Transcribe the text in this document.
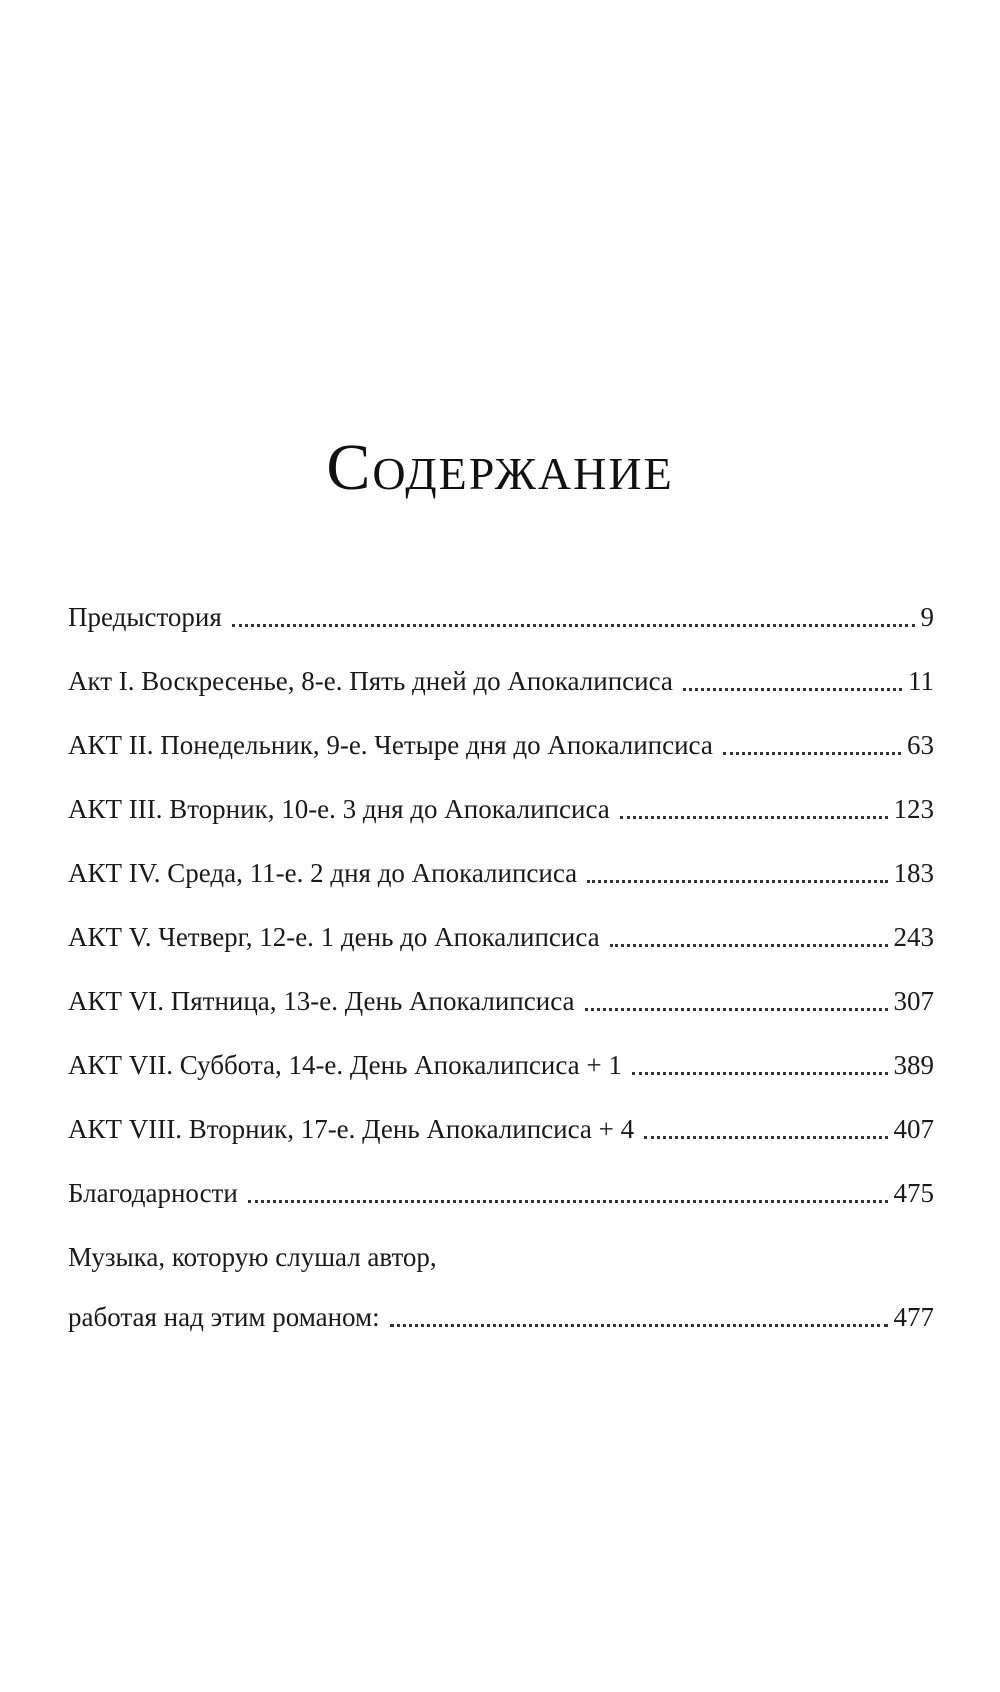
Содержание
Предыстория	9
Акт I. Воскресенье, 8-е. Пять дней до Апокалипсиса	11
АКТ II. Понедельник, 9-е. Четыре дня до Апокалипсиса	63
АКТ III. Вторник, 10-е. 3 дня до Апокалипсиса	123
АКТ IV. Среда, 11-е. 2 дня до Апокалипсиса	183
АКТ V. Четверг, 12-е. 1 день до Апокалипсиса	243
АКТ VI. Пятница, 13-е. День Апокалипсиса	307
АКТ VII. Суббота, 14-е. День Апокалипсиса + 1	389
АКТ VIII. Вторник, 17-е. День Апокалипсиса + 4	407
Благодарности	475
Музыка, которую слушал автор,
работая над этим романом:	477
